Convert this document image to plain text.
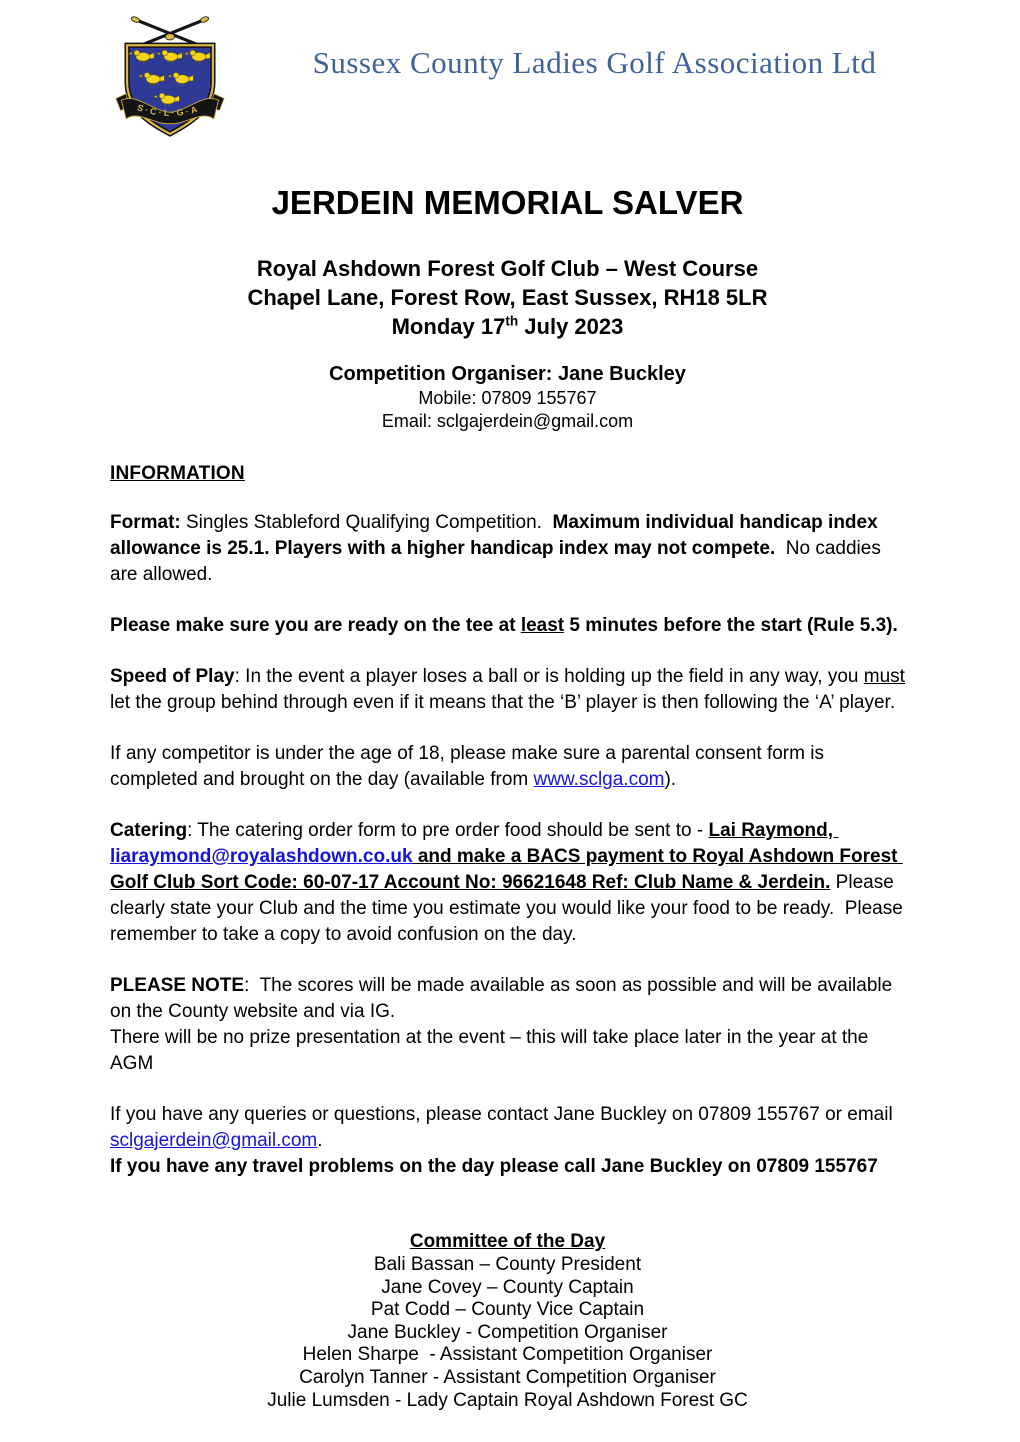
S·C·L·G·A
Sussex County Ladies Golf Association Ltd
JERDEIN MEMORIAL SALVER
Royal Ashdown Forest Golf Club – West Course
Chapel Lane, Forest Row, East Sussex, RH18 5LR
Monday 17th July 2023
Competition Organiser: Jane Buckley
Mobile: 07809 155767
Email: sclgajerdein@gmail.com
INFORMATION
Format: Singles Stableford Qualifying Competition.  Maximum individual handicap index allowance is 25.1. Players with a higher handicap index may not compete.  No caddies are allowed.
Please make sure you are ready on the tee at least 5 minutes before the start (Rule 5.3).
Speed of Play: In the event a player loses a ball or is holding up the field in any way, you must let the group behind through even if it means that the ‘B’ player is then following the ‘A’ player.
If any competitor is under the age of 18, please make sure a parental consent form is completed and brought on the day (available from www.sclga.com).
Catering: The catering order form to pre order food should be sent to - Lai Raymond, liaraymond@royalashdown.co.uk and make a BACS payment to Royal Ashdown Forest Golf Club Sort Code: 60-07-17 Account No: 96621648 Ref: Club Name & Jerdein. Please clearly state your Club and the time you estimate you would like your food to be ready.  Please remember to take a copy to avoid confusion on the day.
PLEASE NOTE:  The scores will be made available as soon as possible and will be available on the County website and via IG.
There will be no prize presentation at the event – this will take place later in the year at the AGM
If you have any queries or questions, please contact Jane Buckley on 07809 155767 or email sclgajerdein@gmail.com.
If you have any travel problems on the day please call Jane Buckley on 07809 155767
Committee of the Day
Bali Bassan – County President
Jane Covey – County Captain
Pat Codd – County Vice Captain
Jane Buckley - Competition Organiser
Helen Sharpe  - Assistant Competition Organiser
Carolyn Tanner - Assistant Competition Organiser
Julie Lumsden - Lady Captain Royal Ashdown Forest GC
